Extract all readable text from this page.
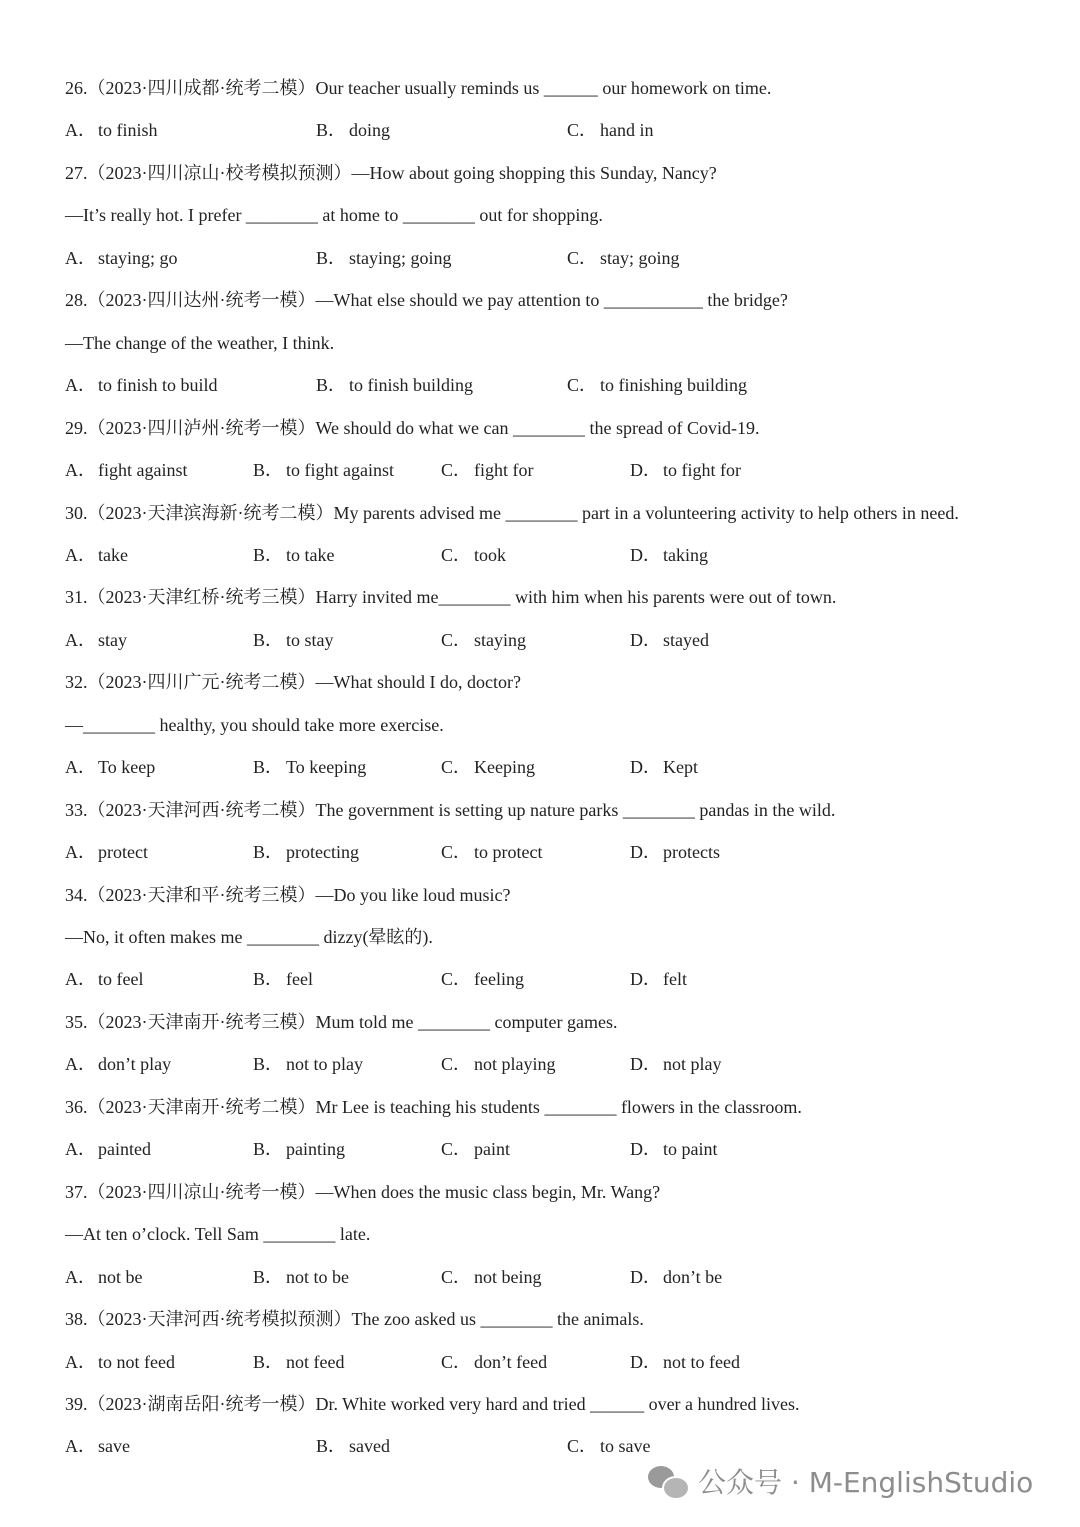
26.（2023·四川成都·统考二模）Our teacher usually reminds us ______ our homework on time.
A． to finish	B． doing	C． hand in
27.（2023·四川凉山·校考模拟预测）—How about going shopping this Sunday, Nancy?
—It’s really hot. I prefer ________ at home to ________ out for shopping.
A． staying; go	B． staying; going	C． stay; going
28.（2023·四川达州·统考一模）—What else should we pay attention to ___________ the bridge?
—The change of the weather, I think.
A． to finish to build	B． to finish building	C． to finishing building
29.（2023·四川泸州·统考一模）We should do what we can ________ the spread of Covid-19.
A． fight against	B． to fight against	C． fight for	D． to fight for
30.（2023·天津滨海新·统考二模）My parents advised me ________ part in a volunteering activity to help others in need.
A． take	B． to take	C． took	D． taking
31.（2023·天津红桥·统考三模）Harry invited me________ with him when his parents were out of town.
A． stay	B． to stay	C． staying	D． stayed
32.（2023·四川广元·统考二模）—What should I do, doctor?
—________ healthy, you should take more exercise.
A． To keep	B． To keeping	C． Keeping	D． Kept
33.（2023·天津河西·统考二模）The government is setting up nature parks ________ pandas in the wild.
A． protect	B． protecting	C． to protect	D． protects
34.（2023·天津和平·统考三模）—Do you like loud music?
—No, it often makes me ________ dizzy(晕眩的).
A． to feel	B． feel	C． feeling	D． felt
35.（2023·天津南开·统考三模）Mum told me ________ computer games.
A． don’t play	B． not to play	C． not playing	D． not play
36.（2023·天津南开·统考二模）Mr Lee is teaching his students ________ flowers in the classroom.
A． painted	B． painting	C． paint	D． to paint
37.（2023·四川凉山·统考一模）—When does the music class begin, Mr. Wang?
—At ten o’clock. Tell Sam ________ late.
A． not be	B． not to be	C． not being	D． don’t be
38.（2023·天津河西·统考模拟预测）The zoo asked us ________ the animals.
A． to not feed	B． not feed	C． don’t feed	D． not to feed
39.（2023·湖南岳阳·统考一模）Dr. White worked very hard and tried ______ over a hundred lives.
A． save	B． saved	C． to save
公众号 · M-EnglishStudio
